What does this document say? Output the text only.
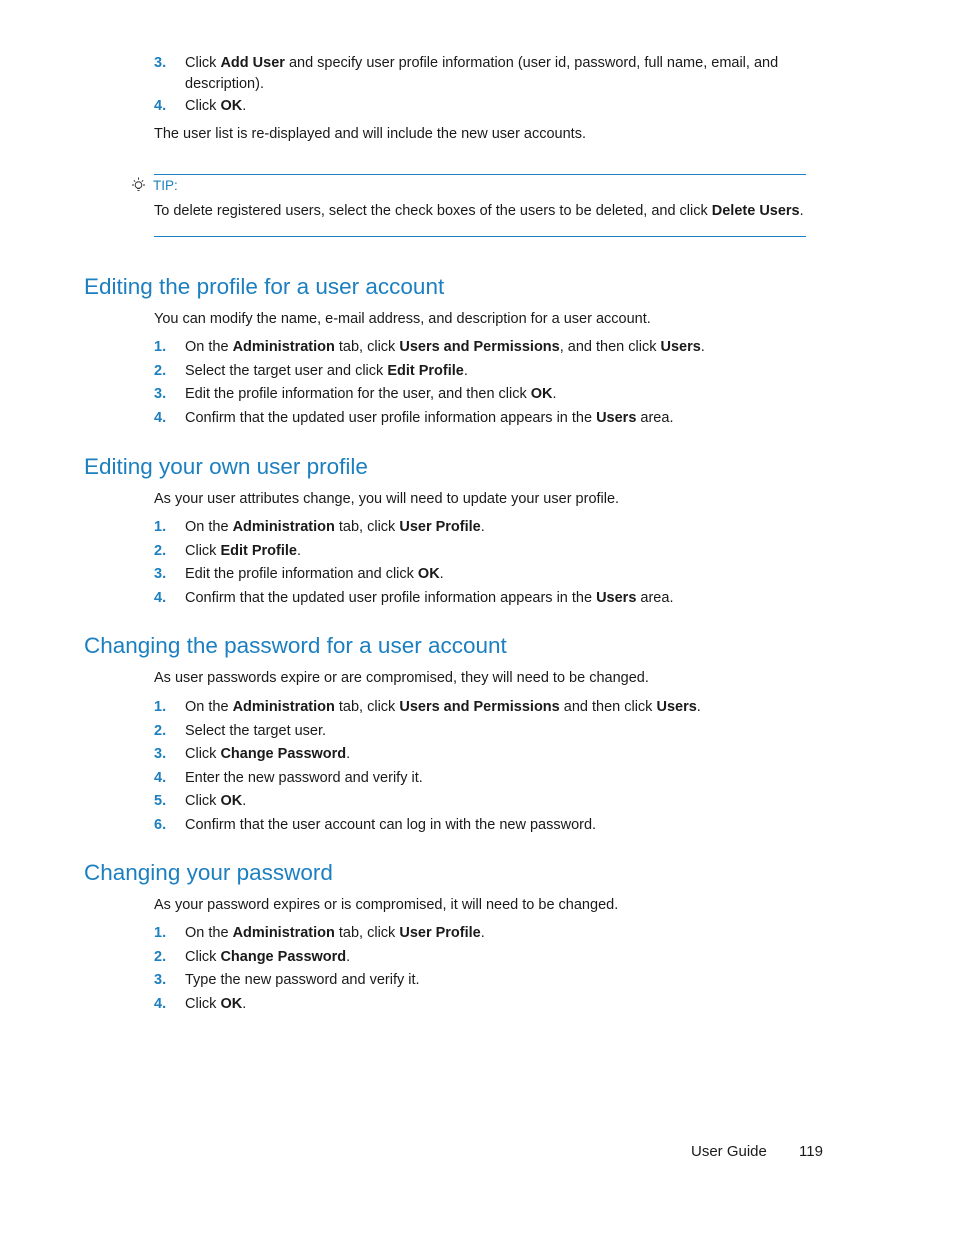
3.	Click Add User and specify user profile information (user id, password, full name, email, and description).
4.	Click OK.
The user list is re-displayed and will include the new user accounts.
TIP:
To delete registered users, select the check boxes of the users to be deleted, and click Delete Users.
Editing the profile for a user account
You can modify the name, e-mail address, and description for a user account.
1.	On the Administration tab, click Users and Permissions, and then click Users.
2.	Select the target user and click Edit Profile.
3.	Edit the profile information for the user, and then click OK.
4.	Confirm that the updated user profile information appears in the Users area.
Editing your own user profile
As your user attributes change, you will need to update your user profile.
1.	On the Administration tab, click User Profile.
2.	Click Edit Profile.
3.	Edit the profile information and click OK.
4.	Confirm that the updated user profile information appears in the Users area.
Changing the password for a user account
As user passwords expire or are compromised, they will need to be changed.
1.	On the Administration tab, click Users and Permissions and then click Users.
2.	Select the target user.
3.	Click Change Password.
4.	Enter the new password and verify it.
5.	Click OK.
6.	Confirm that the user account can log in with the new password.
Changing your password
As your password expires or is compromised, it will need to be changed.
1.	On the Administration tab, click User Profile.
2.	Click Change Password.
3.	Type the new password and verify it.
4.	Click OK.
User Guide 119
